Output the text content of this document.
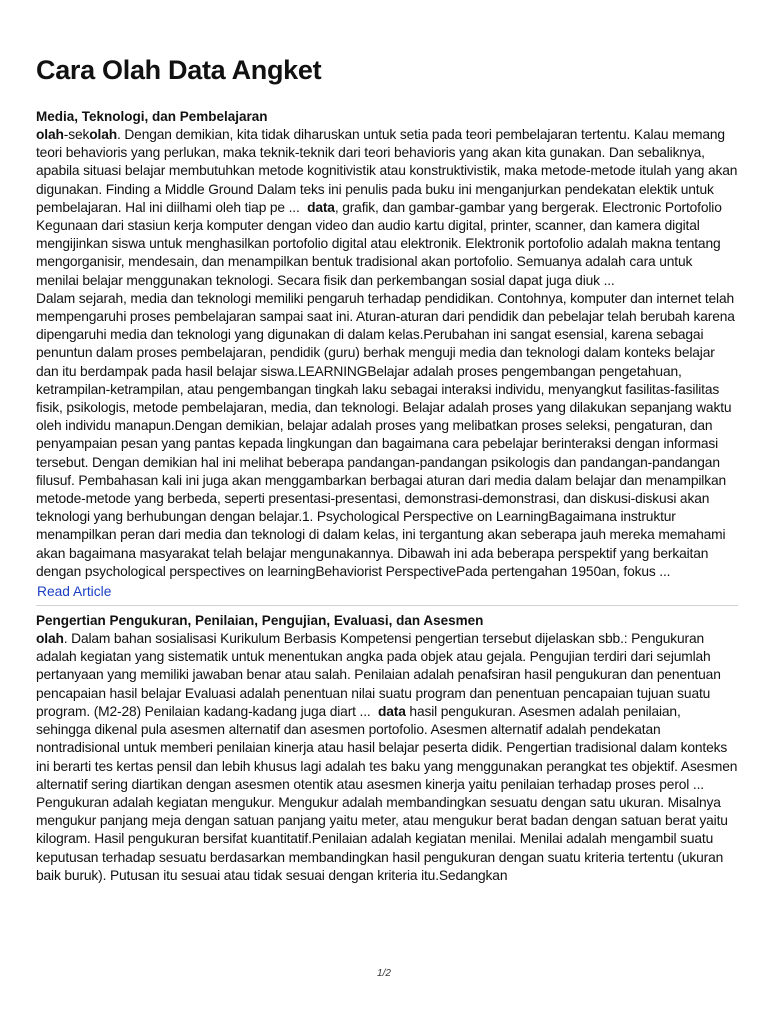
Cara Olah Data Angket
Media, Teknologi, dan Pembelajaran

olah-sekolah. Dengan demikian, kita tidak diharuskan untuk setia pada teori pembelajaran tertentu. Kalau memang teori behavioris yang perlukan, maka teknik-teknik dari teori behavioris yang akan kita gunakan. Dan sebaliknya, apabila situasi belajar membutuhkan metode kognitivistik atau konstruktivistik, maka metode-metode itulah yang akan digunakan. Finding a Middle Ground Dalam teks ini penulis pada buku ini menganjurkan pendekatan elektik untuk pembelajaran. Hal ini diilhami oleh tiap pe ... data, grafik, dan gambar-gambar yang bergerak. Electronic Portofolio Kegunaan dari stasiun kerja komputer dengan video dan audio kartu digital, printer, scanner, dan kamera digital mengijinkan siswa untuk menghasilkan portofolio digital atau elektronik. Elektronik portofolio adalah makna tentang mengorganisir, mendesain, dan menampilkan bentuk tradisional akan portofolio. Semuanya adalah cara untuk menilai belajar menggunakan teknologi. Secara fisik dan perkembangan sosial dapat juga diuk ...

Dalam sejarah, media dan teknologi memiliki pengaruh terhadap pendidikan. Contohnya, komputer dan internet telah mempengaruhi proses pembelajaran sampai saat ini. Aturan-aturan dari pendidik dan pebelajar telah berubah karena dipengaruhi media dan teknologi yang digunakan di dalam kelas.Perubahan ini sangat esensial, karena sebagai penuntun dalam proses pembelajaran, pendidik (guru) berhak menguji media dan teknologi dalam konteks belajar dan itu berdampak pada hasil belajar siswa.LEARNINGBelajar adalah proses pengembangan pengetahuan, ketrampilan-ketrampilan, atau pengembangan tingkah laku sebagai interaksi individu, menyangkut fasilitas-fasilitas fisik, psikologis, metode pembelajaran, media, dan teknologi. Belajar adalah proses yang dilakukan sepanjang waktu oleh individu manapun.Dengan demikian, belajar adalah proses yang melibatkan proses seleksi, pengaturan, dan penyampaian pesan yang pantas kepada lingkungan dan bagaimana cara pebelajar berinteraksi dengan informasi tersebut. Dengan demikian hal ini melihat beberapa pandangan-pandangan psikologis dan pandangan-pandangan filusuf. Pembahasan kali ini juga akan menggambarkan berbagai aturan dari media dalam belajar dan menampilkan metode-metode yang berbeda, seperti presentasi-presentasi, demonstrasi-demonstrasi, dan diskusi-diskusi akan teknologi yang berhubungan dengan belajar.1. Psychological Perspective on LearningBagaimana instruktur menampilkan peran dari media dan teknologi di dalam kelas, ini tergantung akan seberapa jauh mereka memahami akan bagaimana masyarakat telah belajar mengunakannya. Dibawah ini ada beberapa perspektif yang berkaitan dengan psychological perspectives on learningBehaviorist PerspectivePada pertengahan 1950an, fokus ...

Read Article
Pengertian Pengukuran, Penilaian, Pengujian, Evaluasi, dan Asesmen

olah. Dalam bahan sosialisasi Kurikulum Berbasis Kompetensi pengertian tersebut dijelaskan sbb.: Pengukuran adalah kegiatan yang sistematik untuk menentukan angka pada objek atau gejala. Pengujian terdiri dari sejumlah pertanyaan yang memiliki jawaban benar atau salah. Penilaian adalah penafsiran hasil pengukuran dan penentuan pencapaian hasil belajar Evaluasi adalah penentuan nilai suatu program dan penentuan pencapaian tujuan suatu program. (M2-28) Penilaian kadang-kadang juga diart ... data hasil pengukuran. Asesmen adalah penilaian, sehingga dikenal pula asesmen alternatif dan asesmen portofolio. Asesmen alternatif adalah pendekatan nontradisional untuk memberi penilaian kinerja atau hasil belajar peserta didik. Pengertian tradisional dalam konteks ini berarti tes kertas pensil dan lebih khusus lagi adalah tes baku yang menggunakan perangkat tes objektif. Asesmen alternatif sering diartikan dengan asesmen otentik atau asesmen kinerja yaitu penilaian terhadap proses perol ...

Pengukuran adalah kegiatan mengukur. Mengukur adalah membandingkan sesuatu dengan satu ukuran. Misalnya mengukur panjang meja dengan satuan panjang yaitu meter, atau mengukur berat badan dengan satuan berat yaitu kilogram. Hasil pengukuran bersifat kuantitatif.Penilaian adalah kegiatan menilai. Menilai adalah mengambil suatu keputusan terhadap sesuatu berdasarkan membandingkan hasil pengukuran dengan suatu kriteria tertentu (ukuran baik buruk). Putusan itu sesuai atau tidak sesuai dengan kriteria itu.Sedangkan

1/2
